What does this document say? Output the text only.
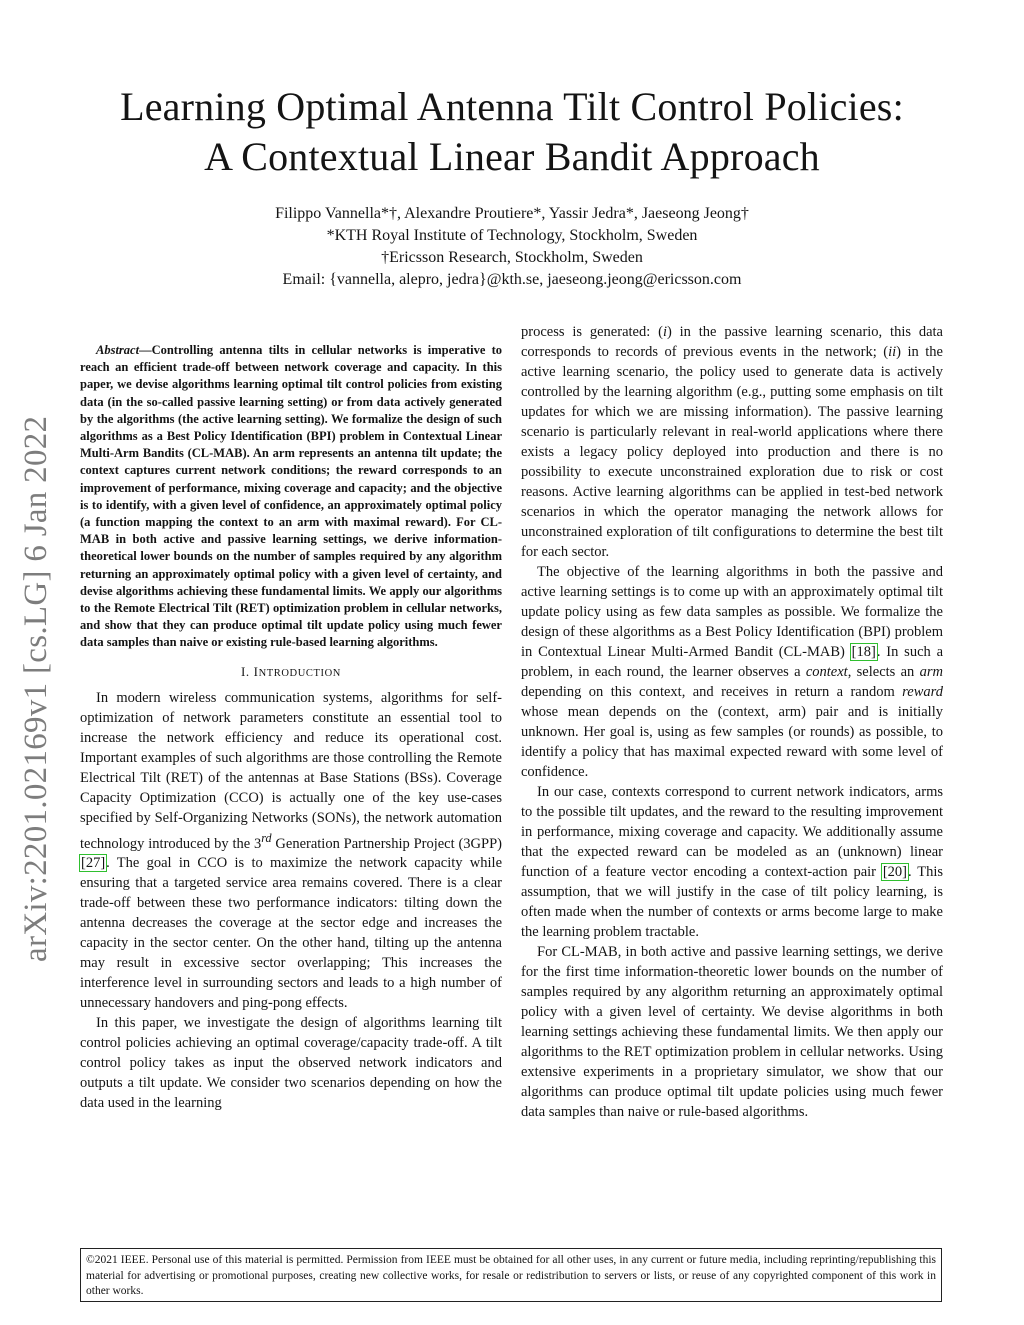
Learning Optimal Antenna Tilt Control Policies:
A Contextual Linear Bandit Approach
Filippo Vannella*†, Alexandre Proutiere*, Yassir Jedra*, Jaeseong Jeong†
*KTH Royal Institute of Technology, Stockholm, Sweden
†Ericsson Research, Stockholm, Sweden
Email: {vannella, alepro, jedra}@kth.se, jaeseong.jeong@ericsson.com
arXiv:2201.02169v1 [cs.LG] 6 Jan 2022

Abstract—Controlling antenna tilts in cellular networks is imperative to reach an efficient trade-off between network coverage and capacity. In this paper, we devise algorithms learning optimal tilt control policies from existing data (in the so-called passive learning setting) or from data actively generated by the algorithms (the active learning setting). We formalize the design of such algorithms as a Best Policy Identification (BPI) problem in Contextual Linear Multi-Arm Bandits (CL-MAB). An arm represents an antenna tilt update; the context captures current network conditions; the reward corresponds to an improvement of performance, mixing coverage and capacity; and the objective is to identify, with a given level of confidence, an approximately optimal policy (a function mapping the context to an arm with maximal reward). For CL-MAB in both active and passive learning settings, we derive information-theoretical lower bounds on the number of samples required by any algorithm returning an approximately optimal policy with a given level of certainty, and devise algorithms achieving these fundamental limits. We apply our algorithms to the Remote Electrical Tilt (RET) optimization problem in cellular networks, and show that they can produce optimal tilt update policy using much fewer data samples than naive or existing rule-based learning algorithms.

I. INTRODUCTION

In modern wireless communication systems, algorithms for self-optimization of network parameters constitute an essential tool to increase the network efficiency and reduce its operational cost. Important examples of such algorithms are those controlling the Remote Electrical Tilt (RET) of the antennas at Base Stations (BSs). Coverage Capacity Optimization (CCO) is actually one of the key use-cases specified by Self-Organizing Networks (SONs), the network automation technology introduced by the 3rd Generation Partnership Project (3GPP) [27]. The goal in CCO is to maximize the network capacity while ensuring that a targeted service area remains covered. There is a clear trade-off between these two performance indicators: tilting down the antenna decreases the coverage at the sector edge and increases the capacity in the sector center. On the other hand, tilting up the antenna may result in excessive sector overlapping; This increases the interference level in surrounding sectors and leads to a high number of unnecessary handovers and ping-pong effects.

In this paper, we investigate the design of algorithms learning tilt control policies achieving an optimal coverage/capacity trade-off. A tilt control policy takes as input the observed network indicators and outputs a tilt update. We consider two scenarios depending on how the data used in the learning

process is generated: (i) in the passive learning scenario, this data corresponds to records of previous events in the network; (ii) in the active learning scenario, the policy used to generate data is actively controlled by the learning algorithm (e.g., putting some emphasis on tilt updates for which we are missing information). The passive learning scenario is particularly relevant in real-world applications where there exists a legacy policy deployed into production and there is no possibility to execute unconstrained exploration due to risk or cost reasons. Active learning algorithms can be applied in test-bed network scenarios in which the operator managing the network allows for unconstrained exploration of tilt configurations to determine the best tilt for each sector.

The objective of the learning algorithms in both the passive and active learning settings is to come up with an approximately optimal tilt update policy using as few data samples as possible. We formalize the design of these algorithms as a Best Policy Identification (BPI) problem in Contextual Linear Multi-Armed Bandit (CL-MAB) [18]. In such a problem, in each round, the learner observes a context, selects an arm depending on this context, and receives in return a random reward whose mean depends on the (context, arm) pair and is initially unknown. Her goal is, using as few samples (or rounds) as possible, to identify a policy that has maximal expected reward with some level of confidence.

In our case, contexts correspond to current network indicators, arms to the possible tilt updates, and the reward to the resulting improvement in performance, mixing coverage and capacity. We additionally assume that the expected reward can be modeled as an (unknown) linear function of a feature vector encoding a context-action pair [20]. This assumption, that we will justify in the case of tilt policy learning, is often made when the number of contexts or arms become large to make the learning problem tractable.

For CL-MAB, in both active and passive learning settings, we derive for the first time information-theoretic lower bounds on the number of samples required by any algorithm returning an approximately optimal policy with a given level of certainty. We devise algorithms in both learning settings achieving these fundamental limits. We then apply our algorithms to the RET optimization problem in cellular networks. Using extensive experiments in a proprietary simulator, we show that our algorithms can produce optimal tilt update policies using much fewer data samples than naive or rule-based algorithms.

©2021 IEEE. Personal use of this material is permitted. Permission from IEEE must be obtained for all other uses, in any current or future media, including reprinting/republishing this material for advertising or promotional purposes, creating new collective works, for resale or redistribution to servers or lists, or reuse of any copyrighted component of this work in other works.
